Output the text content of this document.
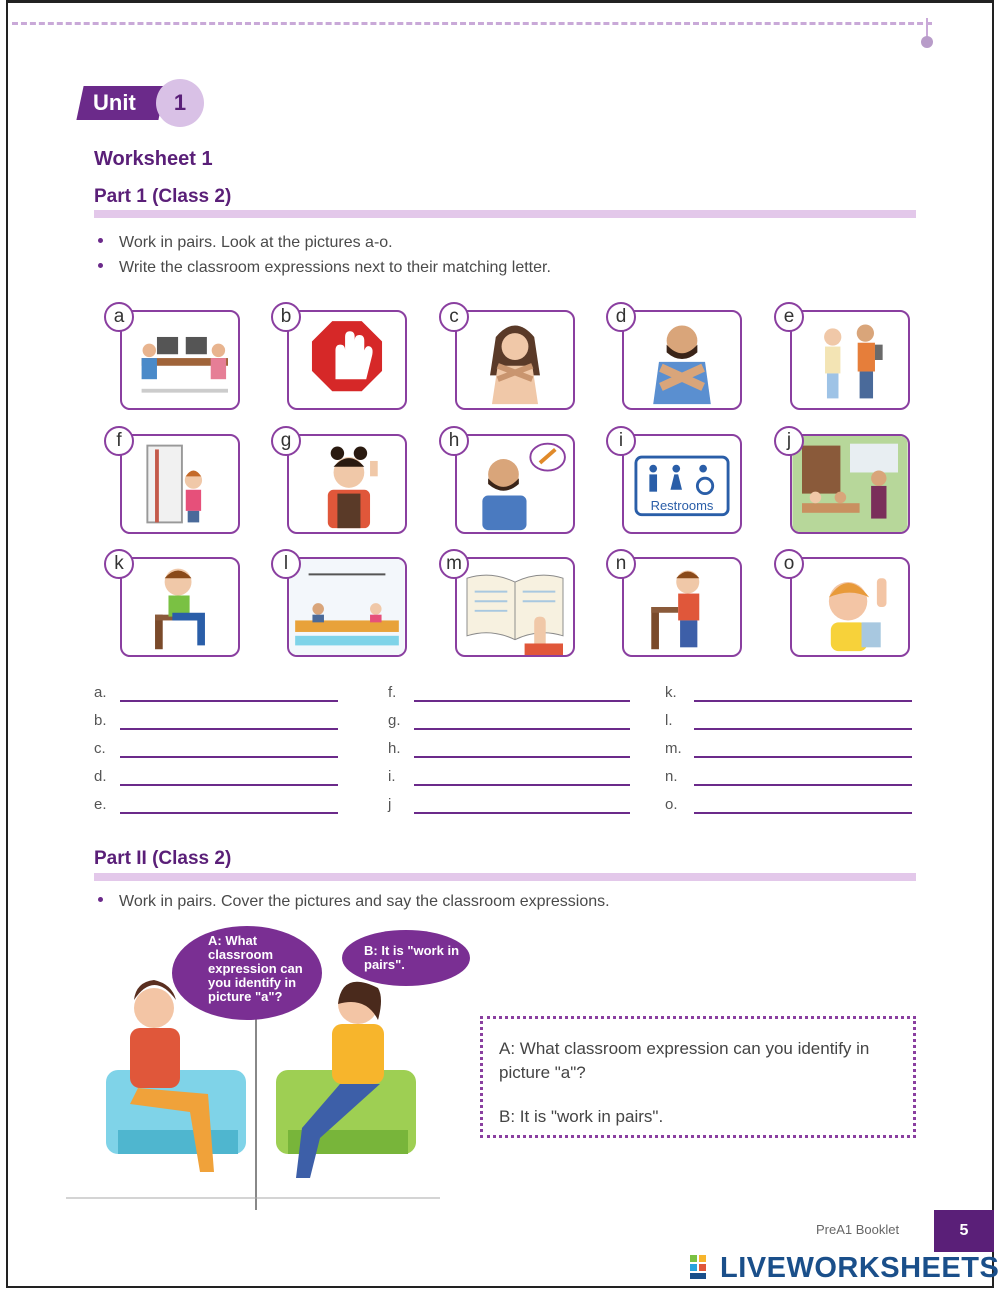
Unit	1
Worksheet 1
Part 1 (Class 2)
Work in pairs. Look at the pictures a-o.
Write the classroom expressions next to their matching letter.
a	b	c	d	e
f	g	h
Restrooms
i	j
k	l	m	n	o
a.
b.
c.
d.
e.
f.
g.
h.
i.
j
k.
l.
m.
n.
o.
Part II (Class 2)
Work in pairs. Cover the pictures and say the classroom expressions.
A: What classroom expression can you identify in picture "a"?
B: It is "work in pairs".
A: What classroom expression can you identify in picture "a"?
B: It is "work in pairs".
PreA1 Booklet	5
LIVEWORKSHEETS
